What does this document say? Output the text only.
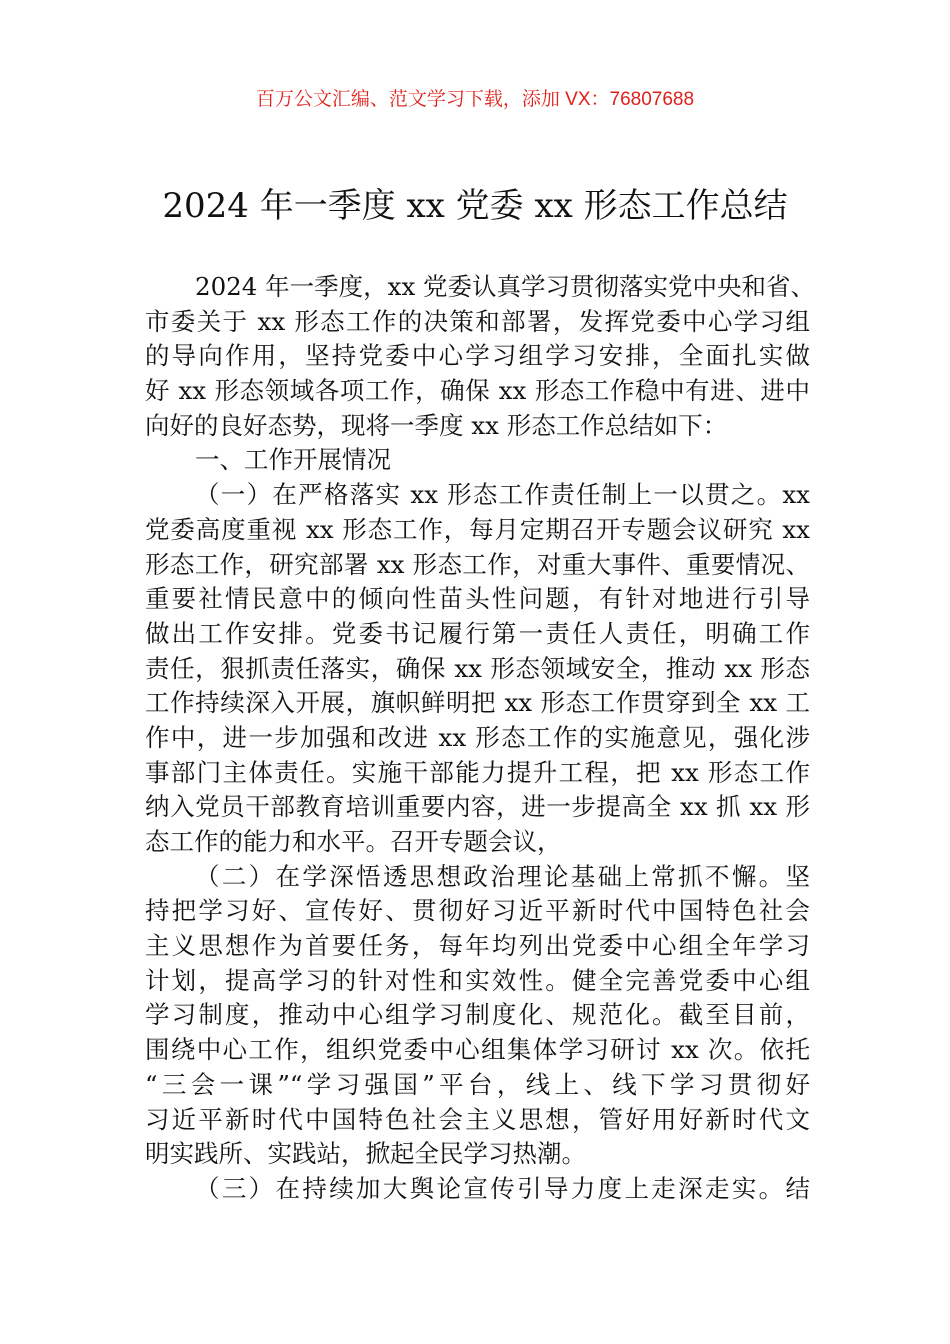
百万公文汇编、范文学习下载，添加 VX：76807688
2024 年一季度 xx 党委 xx 形态工作总结
2024 年一季度，xx 党委认真学习贯彻落实党中央和省、
市委关于 xx 形态工作的决策和部署，发挥党委中心学习组
的导向作用，坚持党委中心学习组学习安排，全面扎实做
好 xx 形态领域各项工作，确保 xx 形态工作稳中有进、进中
向好的良好态势，现将一季度 xx 形态工作总结如下：
一、工作开展情况
（一）在严格落实 xx 形态工作责任制上一以贯之。xx
党委高度重视 xx 形态工作，每月定期召开专题会议研究 xx
形态工作，研究部署 xx 形态工作，对重大事件、重要情况、
重要社情民意中的倾向性苗头性问题，有针对地进行引导
做出工作安排。党委书记履行第一责任人责任，明确工作
责任，狠抓责任落实，确保 xx 形态领域安全，推动 xx 形态
工作持续深入开展，旗帜鲜明把 xx 形态工作贯穿到全 xx 工
作中，进一步加强和改进 xx 形态工作的实施意见，强化涉
事部门主体责任。实施干部能力提升工程，把 xx 形态工作
纳入党员干部教育培训重要内容，进一步提高全 xx 抓 xx 形
态工作的能力和水平。召开专题会议，
（二）在学深悟透思想政治理论基础上常抓不懈。坚
持把学习好、宣传好、贯彻好习近平新时代中国特色社会
主义思想作为首要任务，每年均列出党委中心组全年学习
计划，提高学习的针对性和实效性。健全完善党委中心组
学习制度，推动中心组学习制度化、规范化。截至目前，
围绕中心工作，组织党委中心组集体学习研讨 xx 次。依托
“三会一课”“学习强国”平台，线上、线下学习贯彻好
习近平新时代中国特色社会主义思想，管好用好新时代文
明实践所、实践站，掀起全民学习热潮。
（三）在持续加大舆论宣传引导力度上走深走实。结
